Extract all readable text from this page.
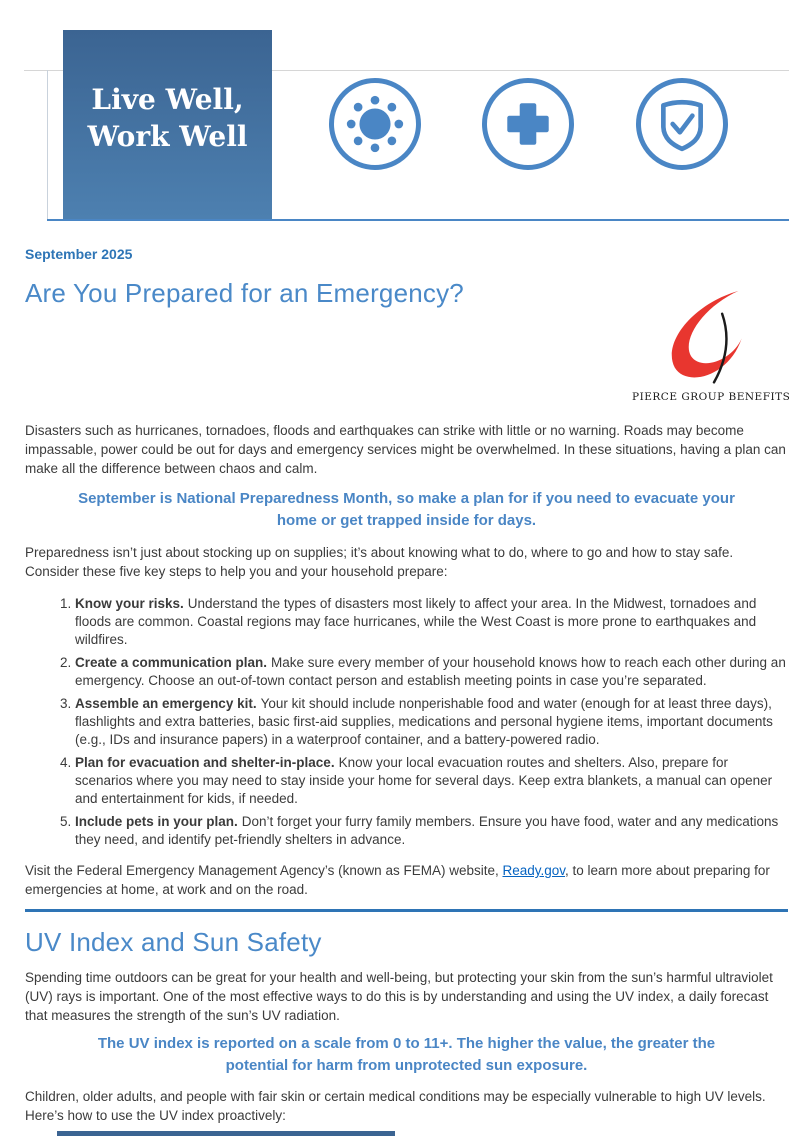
Live Well,
Work Well
PIERCE GROUP BENEFITS
September 2025
Are You Prepared for an Emergency?

Disasters such as hurricanes, tornadoes, floods and earthquakes can strike with little or no warning. Roads may become impassable, power could be out for days and emergency services might be overwhelmed. In these situations, having a plan can make all the difference between chaos and calm.

September is National Preparedness Month, so make a plan for if you need to evacuate your home or get trapped inside for days.

Preparedness isn’t just about stocking up on supplies; it’s about knowing what to do, where to go and how to stay safe. Consider these five key steps to help you and your household prepare:

1. Know your risks. Understand the types of disasters most likely to affect your area. In the Midwest, tornadoes and floods are common. Coastal regions may face hurricanes, while the West Coast is more prone to earthquakes and wildfires.
2. Create a communication plan. Make sure every member of your household knows how to reach each other during an emergency. Choose an out-of-town contact person and establish meeting points in case you’re separated.
3. Assemble an emergency kit. Your kit should include nonperishable food and water (enough for at least three days), flashlights and extra batteries, basic first-aid supplies, medications and personal hygiene items, important documents (e.g., IDs and insurance papers) in a waterproof container, and a battery-powered radio.
4. Plan for evacuation and shelter-in-place. Know your local evacuation routes and shelters. Also, prepare for scenarios where you may need to stay inside your home for several days. Keep extra blankets, a manual can opener and entertainment for kids, if needed.
5. Include pets in your plan. Don’t forget your furry family members. Ensure you have food, water and any medications they need, and identify pet-friendly shelters in advance.

Visit the Federal Emergency Management Agency’s (known as FEMA) website, Ready.gov, to learn more about preparing for emergencies at home, at work and on the road.

UV Index and Sun Safety

Spending time outdoors can be great for your health and well-being, but protecting your skin from the sun’s harmful ultraviolet (UV) rays is important. One of the most effective ways to do this is by understanding and using the UV index, a daily forecast that measures the strength of the sun’s UV radiation.

The UV index is reported on a scale from 0 to 11+. The higher the value, the greater the potential for harm from unprotected sun exposure.

Children, older adults, and people with fair skin or certain medical conditions may be especially vulnerable to high UV levels. Here’s how to use the UV index proactively:
